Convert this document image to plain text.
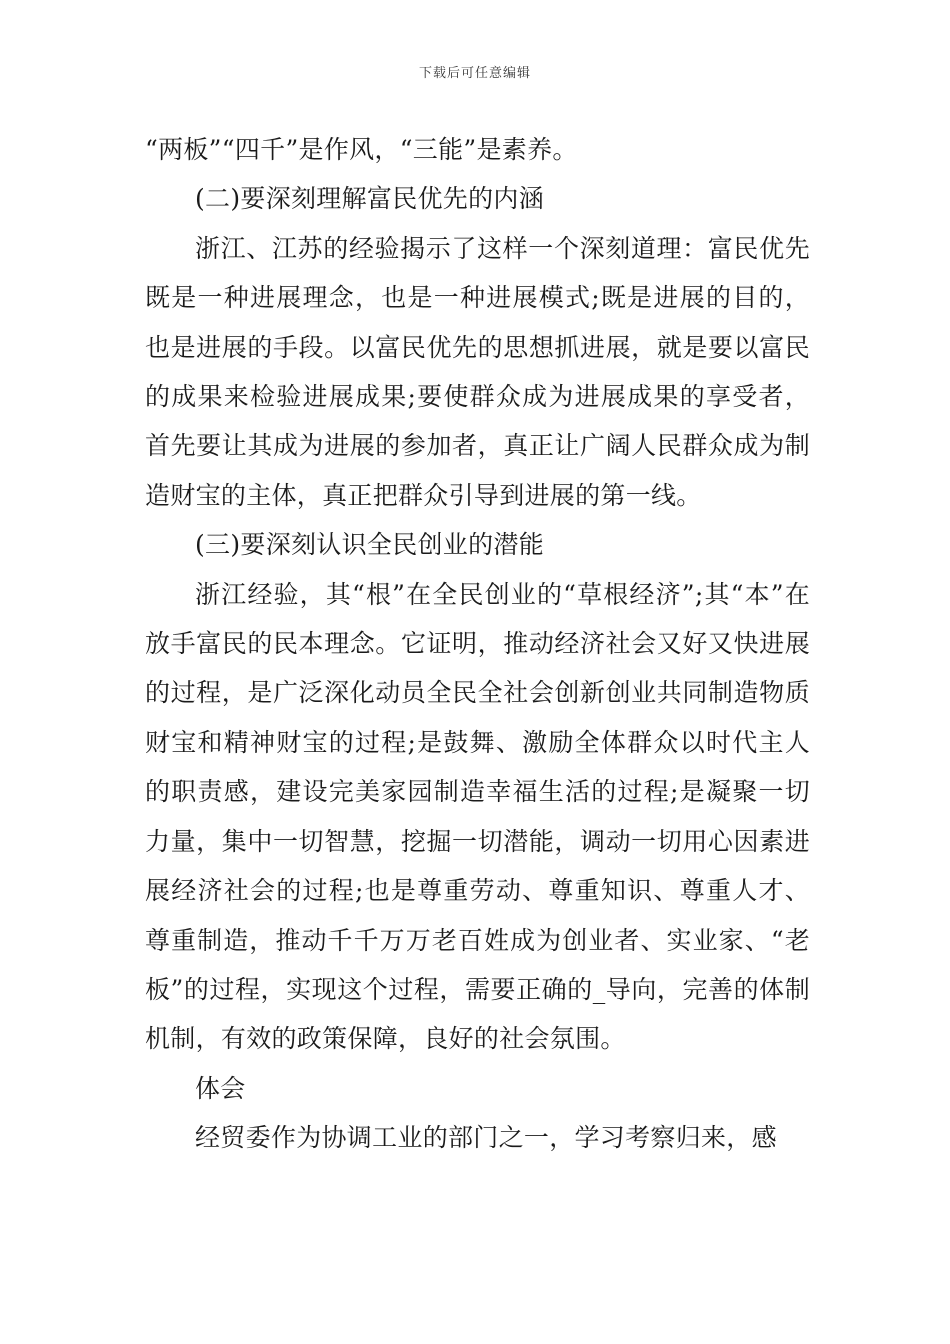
下载后可任意编辑

“两板”“四千”是作风，“三能”是素养。

(二)要深刻理解富民优先的内涵

浙江、江苏的经验揭示了这样一个深刻道理：富民优先既是一种进展理念，也是一种进展模式;既是进展的目的，也是进展的手段。以富民优先的思想抓进展，就是要以富民的成果来检验进展成果;要使群众成为进展成果的享受者，首先要让其成为进展的参加者，真正让广阔人民群众成为制造财宝的主体，真正把群众引导到进展的第一线。

(三)要深刻认识全民创业的潜能

浙江经验，其“根”在全民创业的“草根经济”;其“本”在放手富民的民本理念。它证明，推动经济社会又好又快进展的过程，是广泛深化动员全民全社会创新创业共同制造物质财宝和精神财宝的过程;是鼓舞、激励全体群众以时代主人的职责感，建设完美家园制造幸福生活的过程;是凝聚一切力量，集中一切智慧，挖掘一切潜能，调动一切用心因素进展经济社会的过程;也是尊重劳动、尊重知识、尊重人才、尊重制造，推动千千万万老百姓成为创业者、实业家、“老板”的过程，实现这个过程，需要正确的_导向，完善的体制机制，有效的政策保障，良好的社会氛围。

体会

经贸委作为协调工业的部门之一，学习考察归来，感
